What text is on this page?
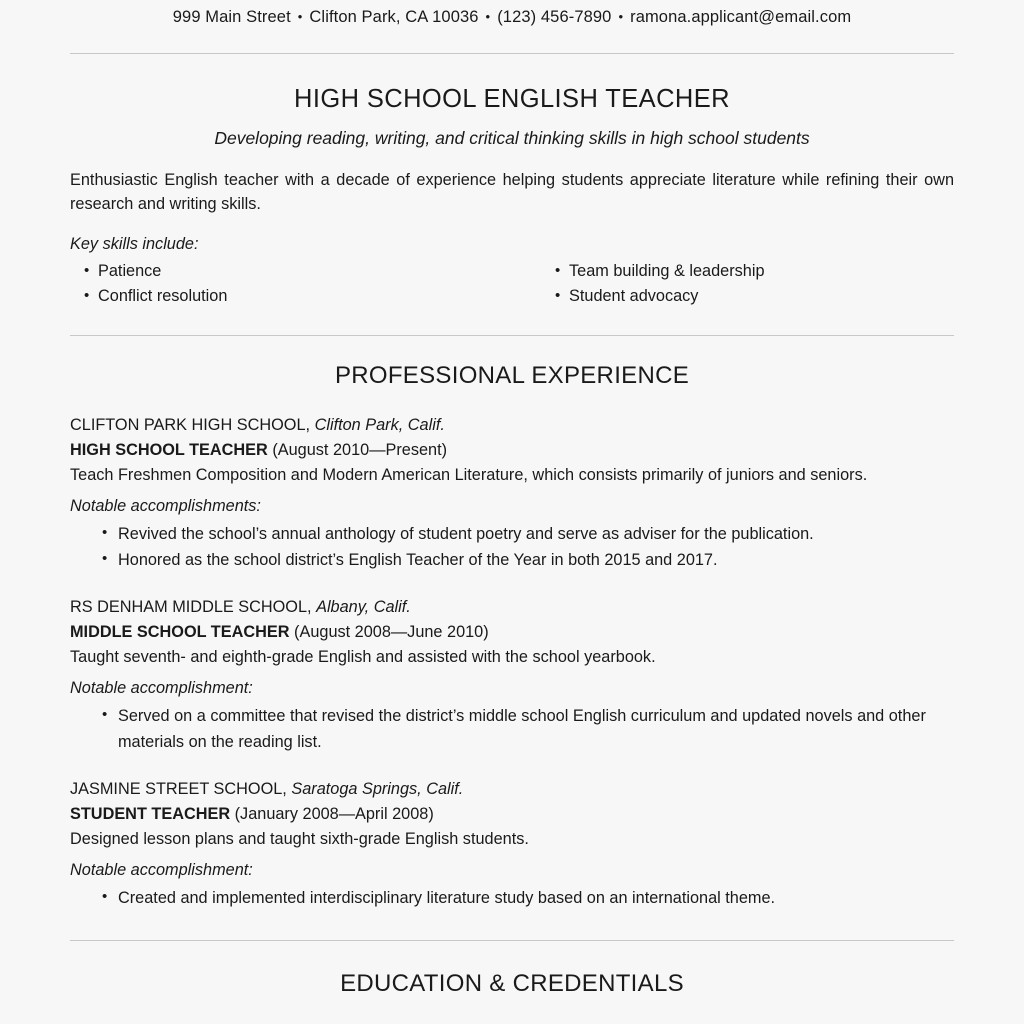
999 Main Street • Clifton Park, CA 10036 • (123) 456-7890 • ramona.applicant@email.com
HIGH SCHOOL ENGLISH TEACHER
Developing reading, writing, and critical thinking skills in high school students
Enthusiastic English teacher with a decade of experience helping students appreciate literature while refining their own research and writing skills.
Key skills include:
• Patience
• Conflict resolution
• Team building & leadership
• Student advocacy
PROFESSIONAL EXPERIENCE
CLIFTON PARK HIGH SCHOOL, Clifton Park, Calif.
HIGH SCHOOL TEACHER (August 2010—Present)
Teach Freshmen Composition and Modern American Literature, which consists primarily of juniors and seniors.
Notable accomplishments:
• Revived the school’s annual anthology of student poetry and serve as adviser for the publication.
• Honored as the school district’s English Teacher of the Year in both 2015 and 2017.
RS DENHAM MIDDLE SCHOOL, Albany, Calif.
MIDDLE SCHOOL TEACHER (August 2008—June 2010)
Taught seventh- and eighth-grade English and assisted with the school yearbook.
Notable accomplishment:
• Served on a committee that revised the district’s middle school English curriculum and updated novels and other materials on the reading list.
JASMINE STREET SCHOOL, Saratoga Springs, Calif.
STUDENT TEACHER (January 2008—April 2008)
Designed lesson plans and taught sixth-grade English students.
Notable accomplishment:
• Created and implemented interdisciplinary literature study based on an international theme.
EDUCATION & CREDENTIALS
